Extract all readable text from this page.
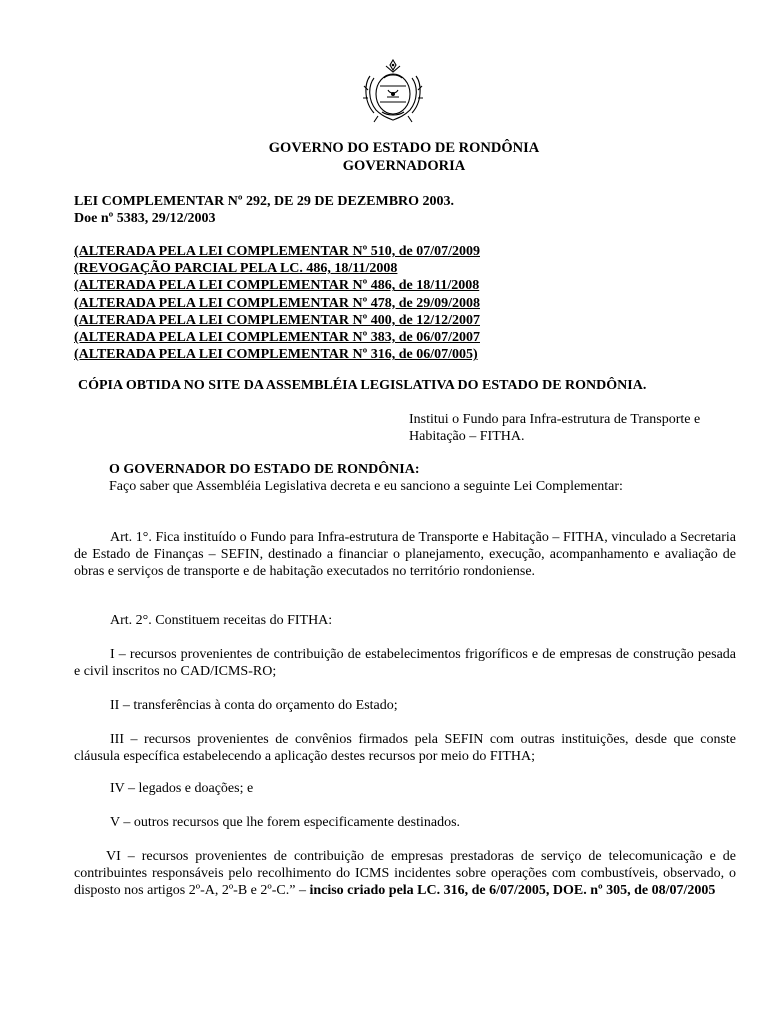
GOVERNO DO ESTADO DE RONDÔNIA
GOVERNADORIA
LEI COMPLEMENTAR Nº 292, DE 29 DE DEZEMBRO 2003.
Doe nº 5383, 29/12/2003
(ALTERADA PELA LEI COMPLEMENTAR Nº 510, de 07/07/2009
(REVOGAÇÃO PARCIAL PELA LC. 486, 18/11/2008
(ALTERADA PELA LEI COMPLEMENTAR Nº 486, de 18/11/2008
(ALTERADA PELA LEI COMPLEMENTAR Nº 478, de 29/09/2008
(ALTERADA PELA LEI COMPLEMENTAR Nº 400, de 12/12/2007
(ALTERADA PELA LEI COMPLEMENTAR Nº 383, de 06/07/2007
(ALTERADA PELA LEI COMPLEMENTAR Nº 316, de 06/07/005)
CÓPIA OBTIDA NO SITE DA ASSEMBLÉIA LEGISLATIVA DO ESTADO DE RONDÔNIA.
Institui o Fundo para Infra-estrutura de Transporte e Habitação – FITHA.
O GOVERNADOR DO ESTADO DE RONDÔNIA:
Faço saber que Assembléia Legislativa decreta e eu sanciono a seguinte Lei Complementar:
Art. 1°. Fica instituído o Fundo para Infra-estrutura de Transporte e Habitação – FITHA, vinculado a Secretaria de Estado de Finanças – SEFIN, destinado a financiar o planejamento, execução, acompanhamento e avaliação de obras e serviços de transporte e de habitação executados no território rondoniense.
Art. 2°. Constituem receitas do FITHA:
I – recursos provenientes de contribuição de estabelecimentos frigoríficos e de empresas de construção pesada e civil inscritos no CAD/ICMS-RO;
II – transferências à conta do orçamento do Estado;
III – recursos provenientes de convênios firmados pela SEFIN com outras instituições, desde que conste cláusula específica estabelecendo a aplicação destes recursos por meio do FITHA;
IV – legados e doações; e
V – outros recursos que lhe forem especificamente destinados.
VI – recursos provenientes de contribuição de empresas prestadoras de serviço de telecomunicação e de contribuintes responsáveis pelo recolhimento do ICMS incidentes sobre operações com combustíveis, observado, o disposto nos artigos 2º-A, 2º-B e 2º-C.” – inciso criado pela LC. 316, de 6/07/2005, DOE. nº 305, de 08/07/2005
